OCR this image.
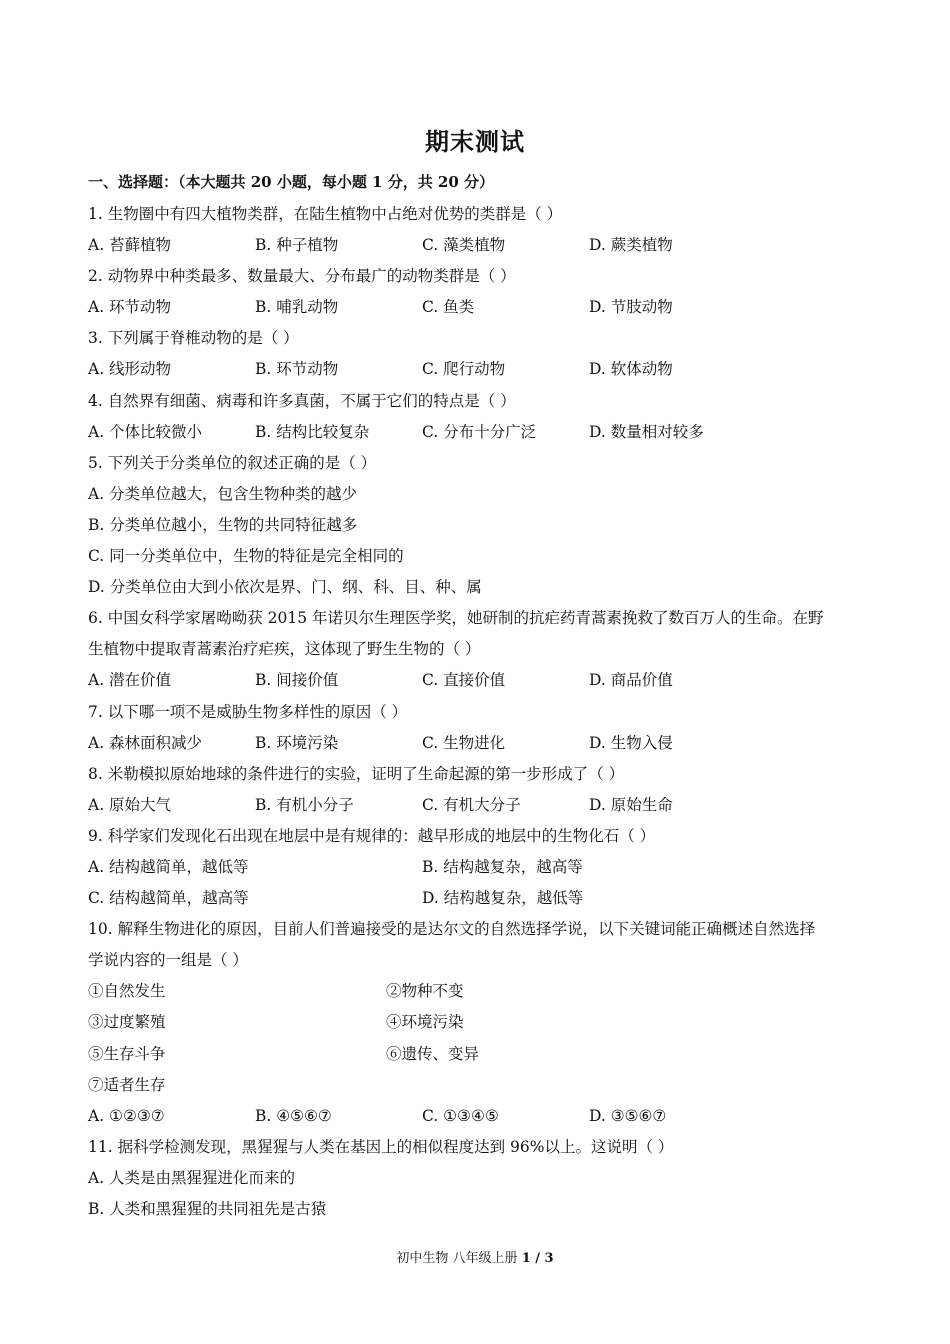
期末测试
一、选择题：（本大题共 20 小题，每小题 1 分，共 20 分）
1. 生物圈中有四大植物类群，在陆生植物中占绝对优势的类群是（ ）
A. 苔藓植物	B. 种子植物	C. 藻类植物	D. 蕨类植物
2. 动物界中种类最多、数量最大、分布最广的动物类群是（ ）
A. 环节动物	B. 哺乳动物	C. 鱼类	D. 节肢动物
3. 下列属于脊椎动物的是（ ）
A. 线形动物	B. 环节动物	C. 爬行动物	D. 软体动物
4. 自然界有细菌、病毒和许多真菌，不属于它们的特点是（ ）
A. 个体比较微小	B. 结构比较复杂	C. 分布十分广泛	D. 数量相对较多
5. 下列关于分类单位的叙述正确的是（ ）
A. 分类单位越大，包含生物种类的越少
B. 分类单位越小，生物的共同特征越多
C. 同一分类单位中，生物的特征是完全相同的
D. 分类单位由大到小依次是界、门、纲、科、目、种、属
6. 中国女科学家屠呦呦获 2015 年诺贝尔生理医学奖，她研制的抗疟药青蒿素挽救了数百万人的生命。在野
生植物中提取青蒿素治疗疟疾，这体现了野生生物的（ ）
A. 潜在价值	B. 间接价值	C. 直接价值	D. 商品价值
7. 以下哪一项不是威胁生物多样性的原因（ ）
A. 森林面积减少	B. 环境污染	C. 生物进化	D. 生物入侵
8. 米勒模拟原始地球的条件进行的实验，证明了生命起源的第一步形成了（ ）
A. 原始大气	B. 有机小分子	C. 有机大分子	D. 原始生命
9. 科学家们发现化石出现在地层中是有规律的：越早形成的地层中的生物化石（ ）
A. 结构越简单，越低等	B. 结构越复杂，越高等
C. 结构越简单，越高等	D. 结构越复杂，越低等
10. 解释生物进化的原因，目前人们普遍接受的是达尔文的自然选择学说，以下关键词能正确概述自然选择
学说内容的一组是（ ）
①自然发生	②物种不变
③过度繁殖	④环境污染
⑤生存斗争	⑥遗传、变异
⑦适者生存
A. ①②③⑦	B. ④⑤⑥⑦	C. ①③④⑤	D. ③⑤⑥⑦
11. 据科学检测发现，黑猩猩与人类在基因上的相似程度达到 96%以上。这说明（ ）
A. 人类是由黑猩猩进化而来的
B. 人类和黑猩猩的共同祖先是古猿
初中生物 八年级上册 1 / 3
